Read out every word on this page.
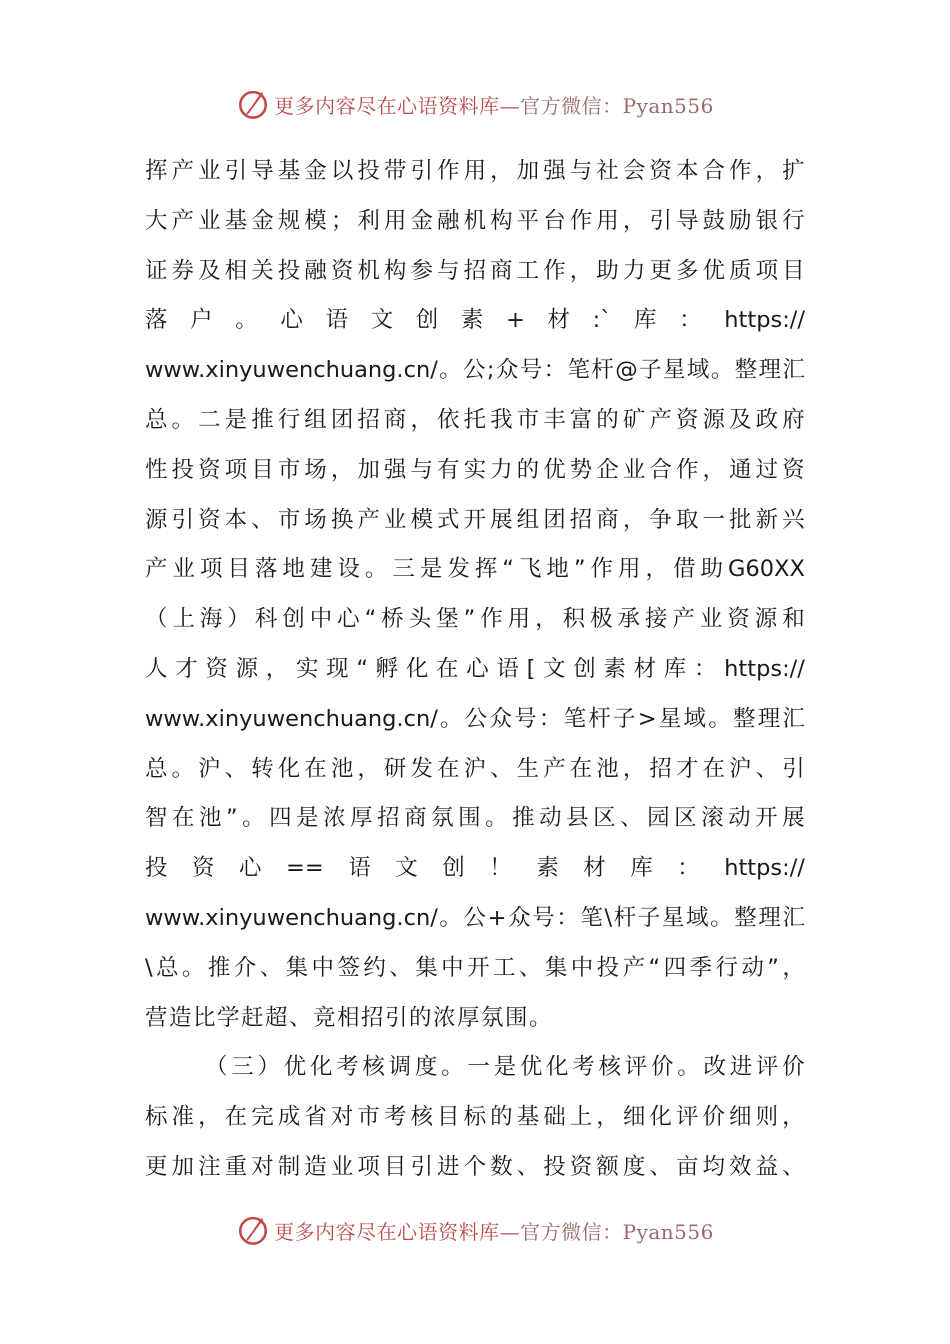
更多内容尽在心语资料库—官方微信：Pyan556
挥 产 业 引 导 基 金 以 投 带 引 作 用 ， 加 强 与 社 会 资 本 合 作 ， 扩
大 产 业 基 金 规 模 ； 利 用 金 融 机 构 平 台 作 用 ， 引 导 鼓 励 银 行
证 券 及 相 关 投 融 资 机 构 参 与 招 商 工 作 ， 助 力 更 多 优 质 项 目
落 户 。 心 语 文 创 素 + 材 :` 库 ： https://
www.xinyuwenchuang.cn/ 。 公 ; 众 号 ： 笔 杆 @ 子 星 域 。 整 理 汇
总 。 二 是 推 行 组 团 招 商 ， 依 托 我 市 丰 富 的 矿 产 资 源 及 政 府
性 投 资 项 目 市 场 ， 加 强 与 有 实 力 的 优 势 企 业 合 作 ， 通 过 资
源 引 资 本 、 市 场 换 产 业 模 式 开 展 组 团 招 商 ， 争 取 一 批 新 兴
产 业 项 目 落 地 建 设 。 三 是 发 挥 “ 飞 地 ” 作 用 ， 借 助 G60XX
（ 上 海 ） 科 创 中 心 “ 桥 头 堡 ” 作 用 ， 积 极 承 接 产 业 资 源 和
人 才 资 源 ， 实 现 “ 孵 化 在 心 语 [ 文 创 素 材 库 ： https://
www.xinyuwenchuang.cn/ 。 公 众 号 ： 笔 杆 子 > 星 域 。 整 理 汇
总 。 沪 、 转 化 在 池 ， 研 发 在 沪 、 生 产 在 池 ， 招 才 在 沪 、 引
智 在 池 ” 。 四 是 浓 厚 招 商 氛 围 。 推 动 县 区 、 园 区 滚 动 开 展
投 资 心 == 语 文 创 ！ 素 材 库 ： https://
www.xinyuwenchuang.cn/ 。 公 + 众 号 ： 笔 \ 杆 子 星 域 。 整 理 汇
\ 总 。 推 介 、 集 中 签 约 、 集 中 开 工 、 集 中 投 产 “ 四 季 行 动 ” ，
营造比学赶超、竞相招引的浓厚氛围。
（ 三 ） 优 化 考 核 调 度 。 一 是 优 化 考 核 评 价 。 改 进 评 价
标 准 ， 在 完 成 省 对 市 考 核 目 标 的 基 础 上 ， 细 化 评 价 细 则 ，
更 加 注 重 对 制 造 业 项 目 引 进 个 数 、 投 资 额 度 、 亩 均 效 益 、
更多内容尽在心语资料库—官方微信：Pyan556
